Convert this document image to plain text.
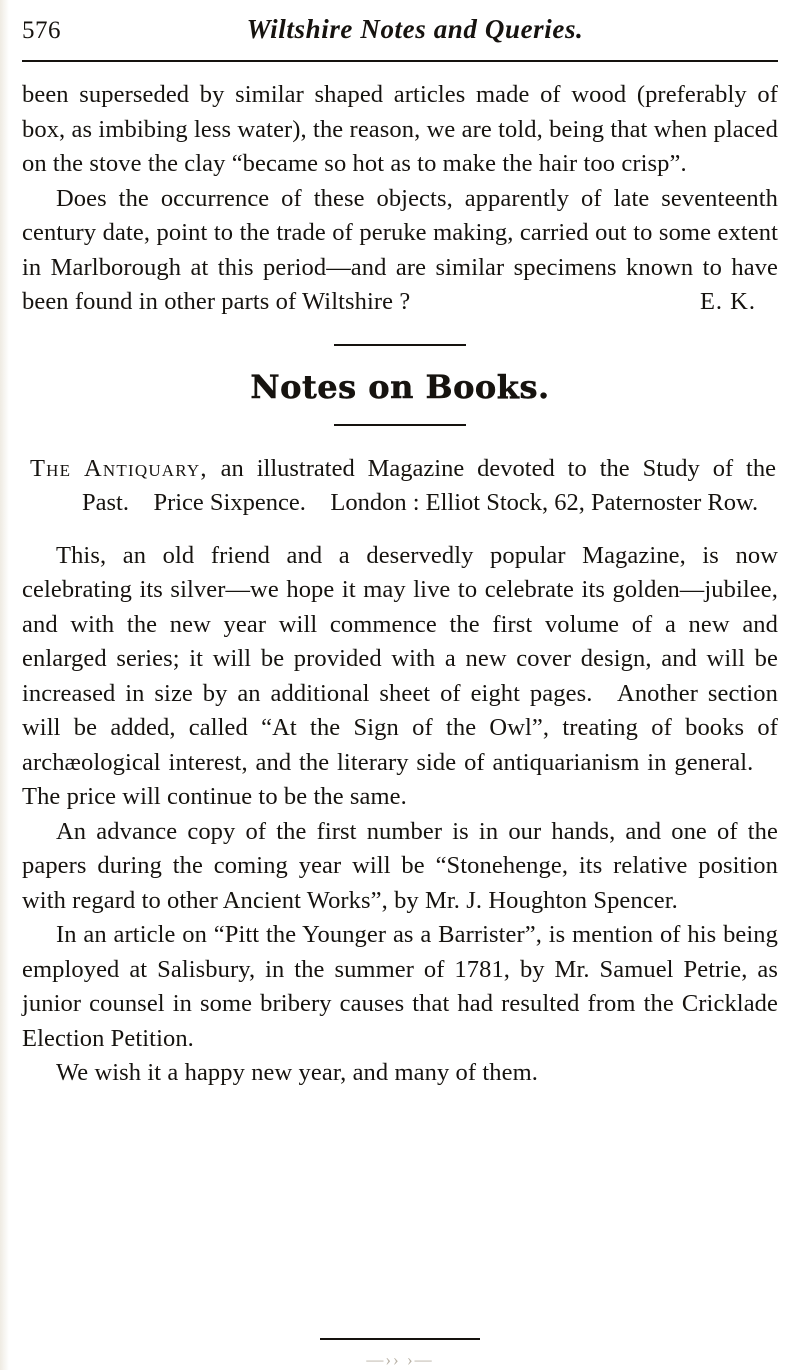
576	Wiltshire Notes and Queries.

been superseded by similar shaped articles made of wood (preferably of box, as imbibing less water), the reason, we are told, being that when placed on the stove the clay “became so hot as to make the hair too crisp”.

Does the occurrence of these objects, apparently of late seventeenth century date, point to the trade of peruke making, carried out to some extent in Marlborough at this period—and are similar specimens known to have been found in other parts of Wiltshire ?	E. K.
Notes on Books.

The Antiquary, an illustrated Magazine devoted to the Study of the Past. Price Sixpence. London : Elliot Stock, 62, Paternoster Row.

This, an old friend and a deservedly popular Magazine, is now celebrating its silver—we hope it may live to celebrate its golden—jubilee, and with the new year will commence the first volume of a new and enlarged series; it will be provided with a new cover design, and will be increased in size by an additional sheet of eight pages. Another section will be added, called “At the Sign of the Owl”, treating of books of archæological interest, and the literary side of antiquarianism in general. The price will continue to be the same.

An advance copy of the first number is in our hands, and one of the papers during the coming year will be “Stonehenge, its relative position with regard to other Ancient Works”, by Mr. J. Houghton Spencer.

In an article on “Pitt the Younger as a Barrister”, is mention of his being employed at Salisbury, in the summer of 1781, by Mr. Samuel Petrie, as junior counsel in some bribery causes that had resulted from the Cricklade Election Petition.

We wish it a happy new year, and many of them.

—›› ›—
